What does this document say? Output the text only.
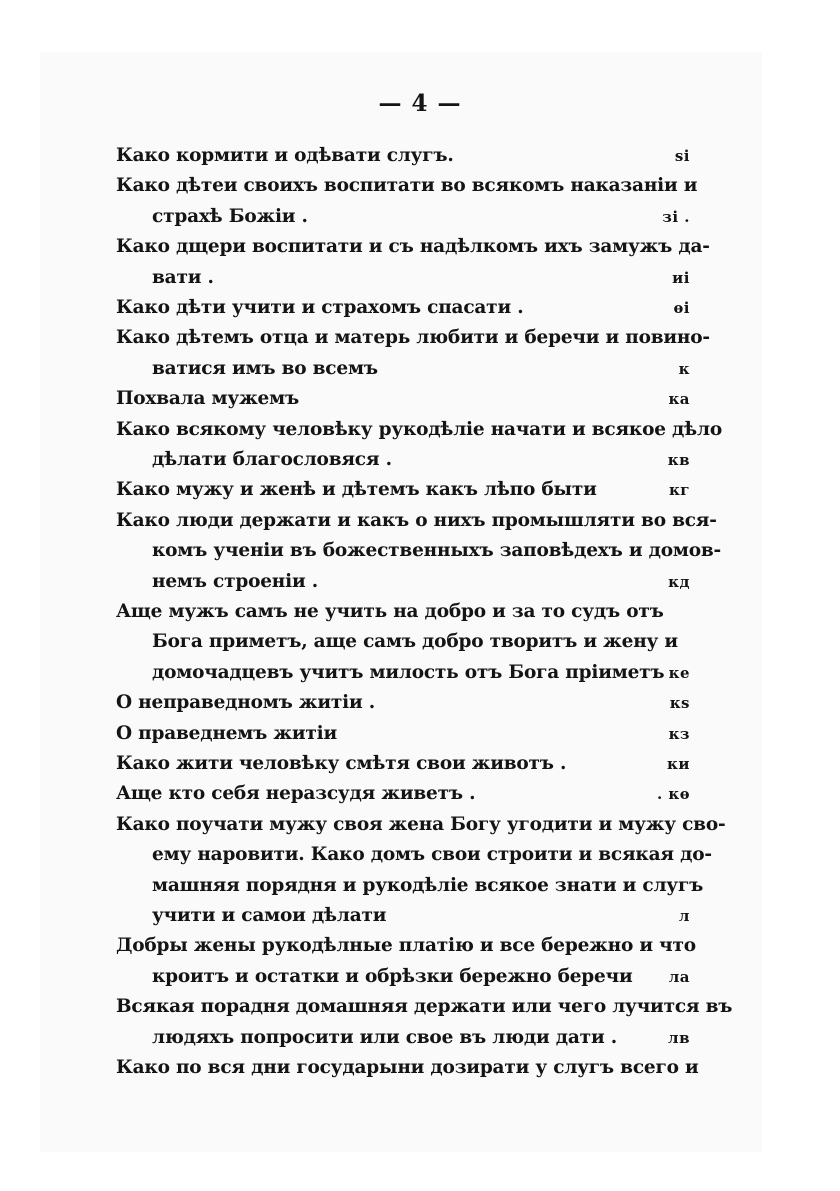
— 4 —
Како кормити и одѣвати слугъ.	ѕі
Како дѣтеи своихъ воспитати во всякомъ наказаніи и
страхѣ Божіи .	зі .
Како дщери воспитати и съ надѣлкомъ ихъ замужъ да-
вати .	иі
Како дѣти учити и страхомъ спасати .	ѳі
Како дѣтемъ отца и матерь любити и беречи и повино-
ватися имъ во всемъ	к
Похвала мужемъ	ка
Како всякому человѣку рукодѣліе начати и всякое дѣло
дѣлати благословяся .	кв
Како мужу и женѣ и дѣтемъ какъ лѣпо быти	кг
Како люди держати и какъ о нихъ промышляти во вся-
комъ ученіи въ божественныхъ заповѣдехъ и домов-
немъ строеніи .	кд
Аще мужъ самъ не учить на добро и за то судъ отъ
Бога приметъ, аще самъ добро творитъ и жену и
домочадцевъ учитъ милость отъ Бога пріиметъ ке
О неправедномъ житіи .	кѕ
О праведнемъ житіи	кз
Како жити человѣку смѣтя свои животъ .	ки
Аще кто себя неразсудя живетъ .	. кѳ
Како поучати мужу своя жена Богу угодити и мужу сво-
ему наровити. Како домъ свои строити и всякая до-
машняя порядня и рукодѣліе всякое знати и слугъ
учити и самои дѣлати	л
Добры жены рукодѣлные платію и все бережно и что
кроитъ и остатки и обрѣзки бережно беречи	ла
Всякая порадня домашняя держати или чего лучится въ
людяхъ попросити или свое въ люди дати .	лв
Како по вся дни государыни дозирати у слугъ всего и
